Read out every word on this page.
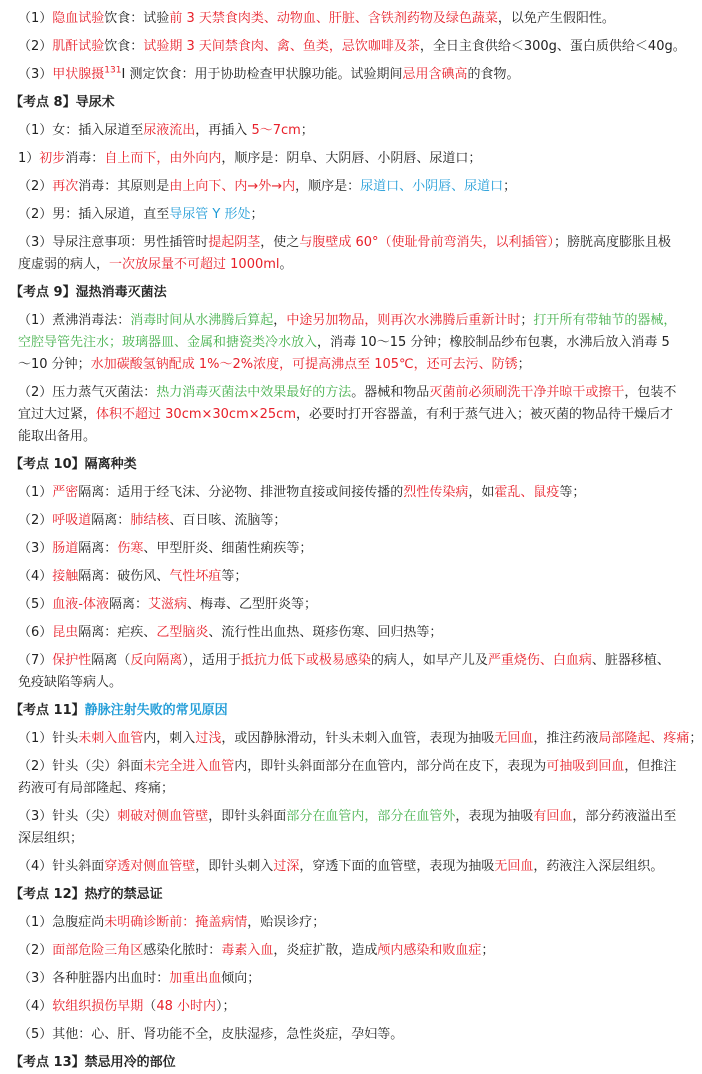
（1）隐血试验饮食：试验前 3 天禁食肉类、动物血、肝脏、含铁剂药物及绿色蔬菜，以免产生假阳性。
（2）肌酐试验饮食：试验期 3 天间禁食肉、禽、鱼类，忌饮咖啡及茶，全日主食供给＜300g、蛋白质供给＜40g。
（3）甲状腺摄$^{131}$I 测定饮食：用于协助检查甲状腺功能。试验期间忌用含碘高的食物。
【考点 8】导尿术
（1）女：插入尿道至尿液流出，再插入 5～7cm；
1）初步消毒：自上而下，由外向内，顺序是：阴阜、大阴唇、小阴唇、尿道口；
（2）再次消毒：其原则是由上向下、内→外→内，顺序是：尿道口、小阴唇、尿道口；
（2）男：插入尿道，直至导尿管 Y 形处；
（3）导尿注意事项：男性插管时提起阴茎，使之与腹壁成 60°（使耻骨前弯消失，以利插管）；膀胱高度膨胀且极度虚弱的病人，一次放尿量不可超过 1000ml。
【考点 9】湿热消毒灭菌法
（1）煮沸消毒法：消毒时间从水沸腾后算起，中途另加物品，则再次水沸腾后重新计时；打开所有带轴节的器械，空腔导管先注水；玻璃器皿、金属和搪瓷类冷水放入，消毒 10～15 分钟；橡胶制品纱布包裹，水沸后放入消毒 5～10 分钟；水加碳酸氢钠配成 1%～2%浓度，可提高沸点至 105℃，还可去污、防锈；
（2）压力蒸气灭菌法：热力消毒灭菌法中效果最好的方法。器械和物品灭菌前必须刷洗干净并晾干或擦干，包装不宜过大过紧，体积不超过 30cm×30cm×25cm，必要时打开容器盖，有利于蒸气进入；被灭菌的物品待干燥后才能取出备用。
【考点 10】隔离种类
（1）严密隔离：适用于经飞沫、分泌物、排泄物直接或间接传播的烈性传染病，如霍乱、鼠疫等；
（2）呼吸道隔离：肺结核、百日咳、流脑等；
（3）肠道隔离：伤寒、甲型肝炎、细菌性痢疾等；
（4）接触隔离：破伤风、气性坏疽等；
（5）血液-体液隔离：艾滋病、梅毒、乙型肝炎等；
（6）昆虫隔离：疟疾、乙型脑炎、流行性出血热、斑疹伤寒、回归热等；
（7）保护性隔离（反向隔离），适用于抵抗力低下或极易感染的病人，如早产儿及严重烧伤、白血病、脏器移植、免疫缺陷等病人。
【考点 11】静脉注射失败的常见原因
（1）针头未刺入血管内，刺入过浅，或因静脉滑动，针头未刺入血管，表现为抽吸无回血，推注药液局部隆起、疼痛；
（2）针头（尖）斜面未完全进入血管内，即针头斜面部分在血管内，部分尚在皮下，表现为可抽吸到回血，但推注药液可有局部隆起、疼痛；
（3）针头（尖）刺破对侧血管壁，即针头斜面部分在血管内，部分在血管外，表现为抽吸有回血，部分药液溢出至深层组织；
（4）针头斜面穿透对侧血管壁，即针头刺入过深，穿透下面的血管壁，表现为抽吸无回血，药液注入深层组织。
【考点 12】热疗的禁忌证
（1）急腹症尚未明确诊断前：掩盖病情，贻误诊疗；
（2）面部危险三角区感染化脓时：毒素入血，炎症扩散，造成颅内感染和败血症；
（3）各种脏器内出血时：加重出血倾向；
（4）软组织损伤早期（48 小时内）；
（5）其他：心、肝、肾功能不全，皮肤湿疹，急性炎症，孕妇等。
【考点 13】禁忌用冷的部位
